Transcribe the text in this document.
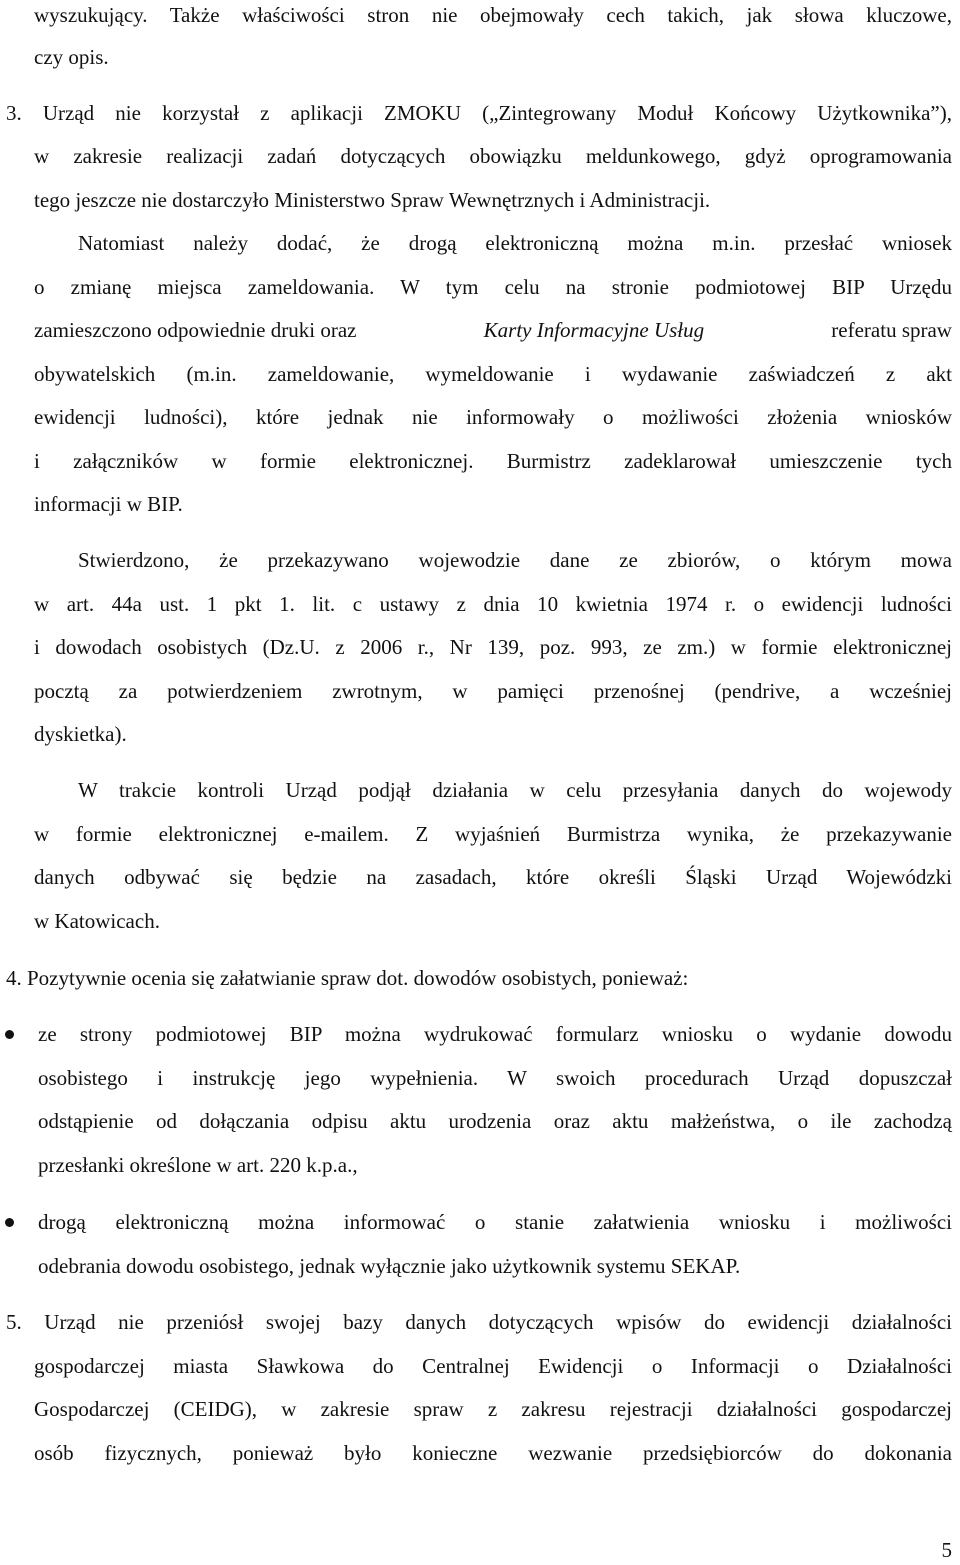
wyszukujący. Także właściwości stron nie obejmowały cech takich, jak słowa kluczowe,
czy opis.
3. Urząd nie korzystał z aplikacji ZMOKU („Zintegrowany Moduł Końcowy Użytkownika”),
w zakresie realizacji zadań dotyczących obowiązku meldunkowego, gdyż oprogramowania
tego jeszcze nie dostarczyło Ministerstwo Spraw Wewnętrznych i Administracji.
Natomiast należy dodać, że drogą elektroniczną można m.in. przesłać wniosek
o zmianę miejsca zameldowania. W tym celu na stronie podmiotowej BIP Urzędu
zamieszczono odpowiednie druki oraz	Karty Informacyjne Usług	referatu spraw
obywatelskich (m.in. zameldowanie, wymeldowanie i wydawanie zaświadczeń z akt
ewidencji ludności), które jednak nie informowały o możliwości złożenia wniosków
i załączników w formie elektronicznej. Burmistrz zadeklarował umieszczenie tych
informacji w BIP.
Stwierdzono, że przekazywano wojewodzie dane ze zbiorów, o którym mowa
w art. 44a ust. 1 pkt 1. lit. c ustawy z dnia 10 kwietnia 1974 r. o ewidencji ludności
i dowodach osobistych (Dz.U. z 2006 r., Nr 139, poz. 993, ze zm.) w formie elektronicznej
pocztą za potwierdzeniem zwrotnym, w pamięci przenośnej (pendrive, a wcześniej
dyskietka).
W trakcie kontroli Urząd podjął działania w celu przesyłania danych do wojewody
w formie elektronicznej e-mailem. Z wyjaśnień Burmistrza wynika, że przekazywanie
danych odbywać się będzie na zasadach, które określi Śląski Urząd Wojewódzki
w Katowicach.
4. Pozytywnie ocenia się załatwianie spraw dot. dowodów osobistych, ponieważ:
ze strony podmiotowej BIP można wydrukować formularz wniosku o wydanie dowodu
osobistego i instrukcję jego wypełnienia. W swoich procedurach Urząd dopuszczał
odstąpienie od dołączania odpisu aktu urodzenia oraz aktu małżeństwa, o ile zachodzą
przesłanki określone w art. 220 k.p.a.,
drogą elektroniczną można informować o stanie załatwienia wniosku i możliwości
odebrania dowodu osobistego, jednak wyłącznie jako użytkownik systemu SEKAP.
5. Urząd nie przeniósł swojej bazy danych dotyczących wpisów do ewidencji działalności
gospodarczej miasta Sławkowa do Centralnej Ewidencji o Informacji o Działalności
Gospodarczej (CEIDG), w zakresie spraw z zakresu rejestracji działalności gospodarczej
osób fizycznych, ponieważ było konieczne wezwanie przedsiębiorców do dokonania
5
